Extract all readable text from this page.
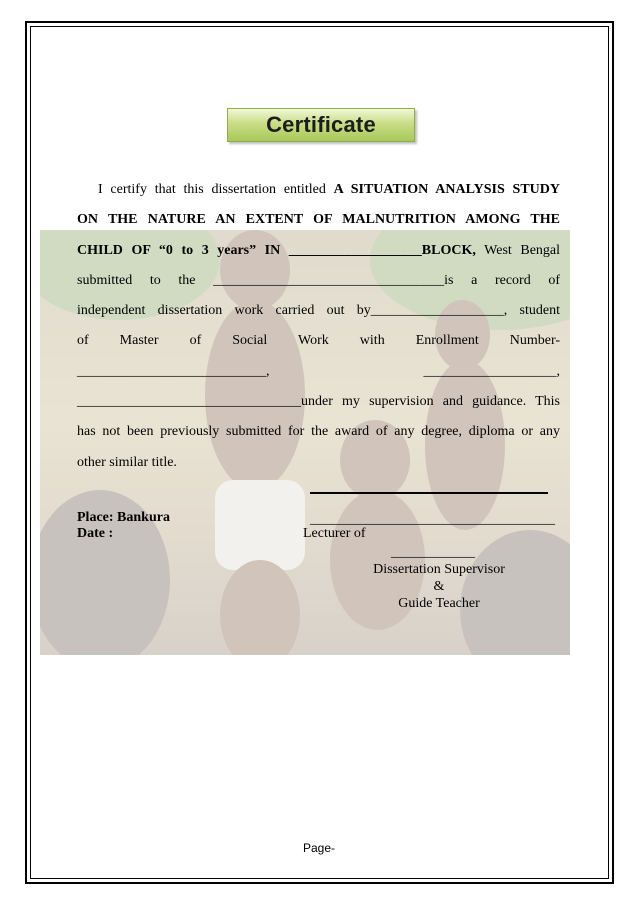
Certificate

I certify that this dissertation entitled A SITUATION ANALYSIS STUDY

ON THE NATURE AN EXTENT OF MALNUTRITION AMONG THE

CHILD OF “0 to 3 years” IN ___________________BLOCK, West Bengal

submitted to the _________________________________is a record of

independent dissertation work carried out by___________________, student

of Master of Social Work with Enrollment Number-

___________________________,	___________________,

________________________________under my supervision and guidance. This

has not been previously submitted for the award of any degree, diploma or any

other similar title.

___________________________________
Place: Bankura
Date :	Lecturer of
____________
Dissertation Supervisor
&
Guide Teacher
Page-
